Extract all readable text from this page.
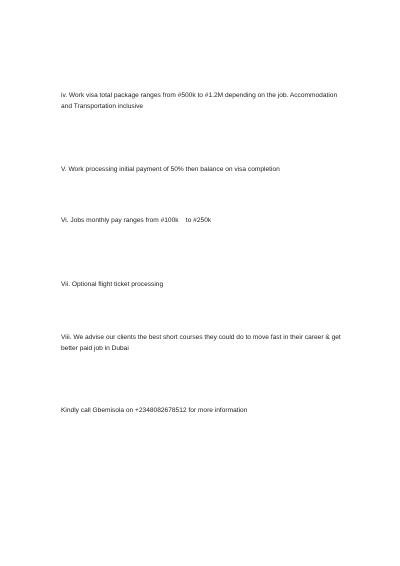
iv. Work visa total package ranges from #500k to #1.2M depending on the job. Accommodation and Transportation inclusive

V. Work processing initial payment of 50% then balance on visa completion

Vi. Jobs monthly pay ranges from #100k    to #250k

Vii. Optional flight ticket processing

Viii. We advise our clients the best short courses they could do to move fast in their career & get better paid job in Dubai

Kindly call Gbemisola on +2348082678512 for more information
